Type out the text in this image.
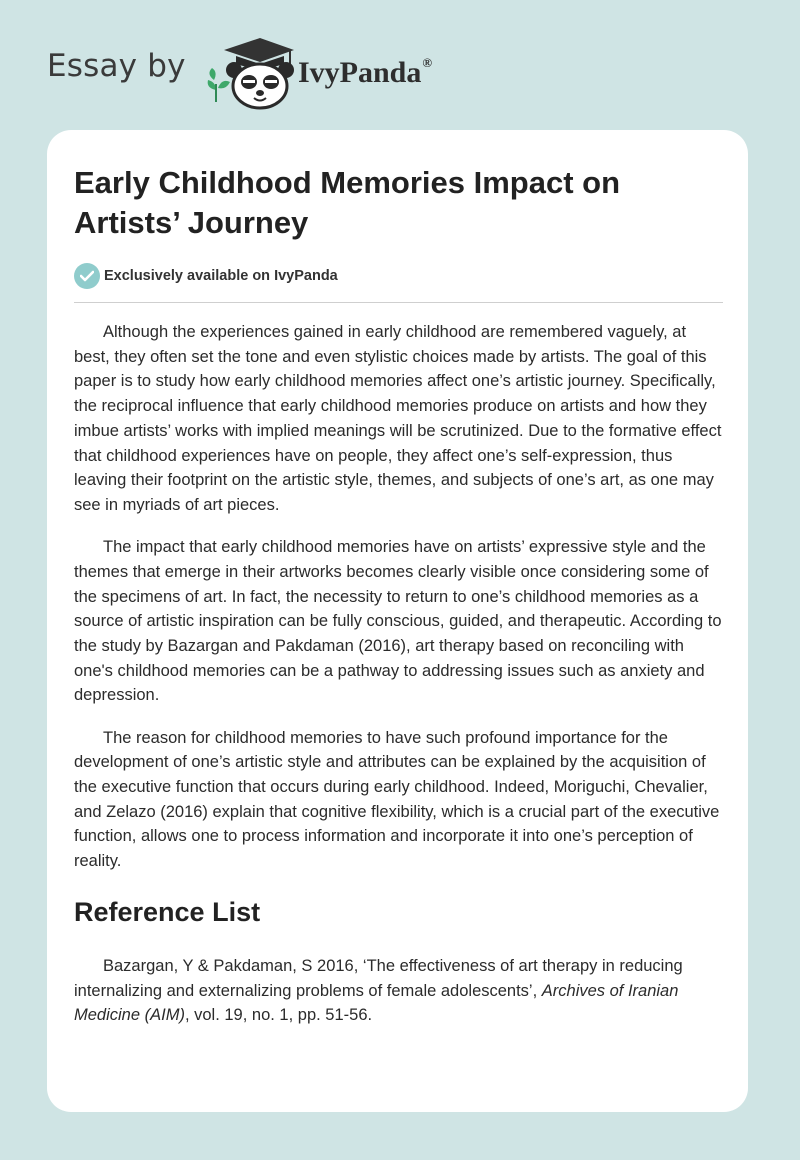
Essay by	IvyPanda®
Early Childhood Memories Impact on Artists’ Journey
Exclusively available on IvyPanda

Although the experiences gained in early childhood are remembered vaguely, at best, they often set the tone and even stylistic choices made by artists. The goal of this paper is to study how early childhood memories affect one’s artistic journey. Specifically, the reciprocal influence that early childhood memories produce on artists and how they imbue artists’ works with implied meanings will be scrutinized. Due to the formative effect that childhood experiences have on people, they affect one’s self-expression, thus leaving their footprint on the artistic style, themes, and subjects of one’s art, as one may see in myriads of art pieces.

The impact that early childhood memories have on artists’ expressive style and the themes that emerge in their artworks becomes clearly visible once considering some of the specimens of art. In fact, the necessity to return to one’s childhood memories as a source of artistic inspiration can be fully conscious, guided, and therapeutic. According to the study by Bazargan and Pakdaman (2016), art therapy based on reconciling with one's childhood memories can be a pathway to addressing issues such as anxiety and depression.

The reason for childhood memories to have such profound importance for the development of one’s artistic style and attributes can be explained by the acquisition of the executive function that occurs during early childhood. Indeed, Moriguchi, Chevalier, and Zelazo (2016) explain that cognitive flexibility, which is a crucial part of the executive function, allows one to process information and incorporate it into one’s perception of reality.

Reference List

Bazargan, Y & Pakdaman, S 2016, ‘The effectiveness of art therapy in reducing internalizing and externalizing problems of female adolescents’, Archives of Iranian Medicine (AIM), vol. 19, no. 1, pp. 51-56.
